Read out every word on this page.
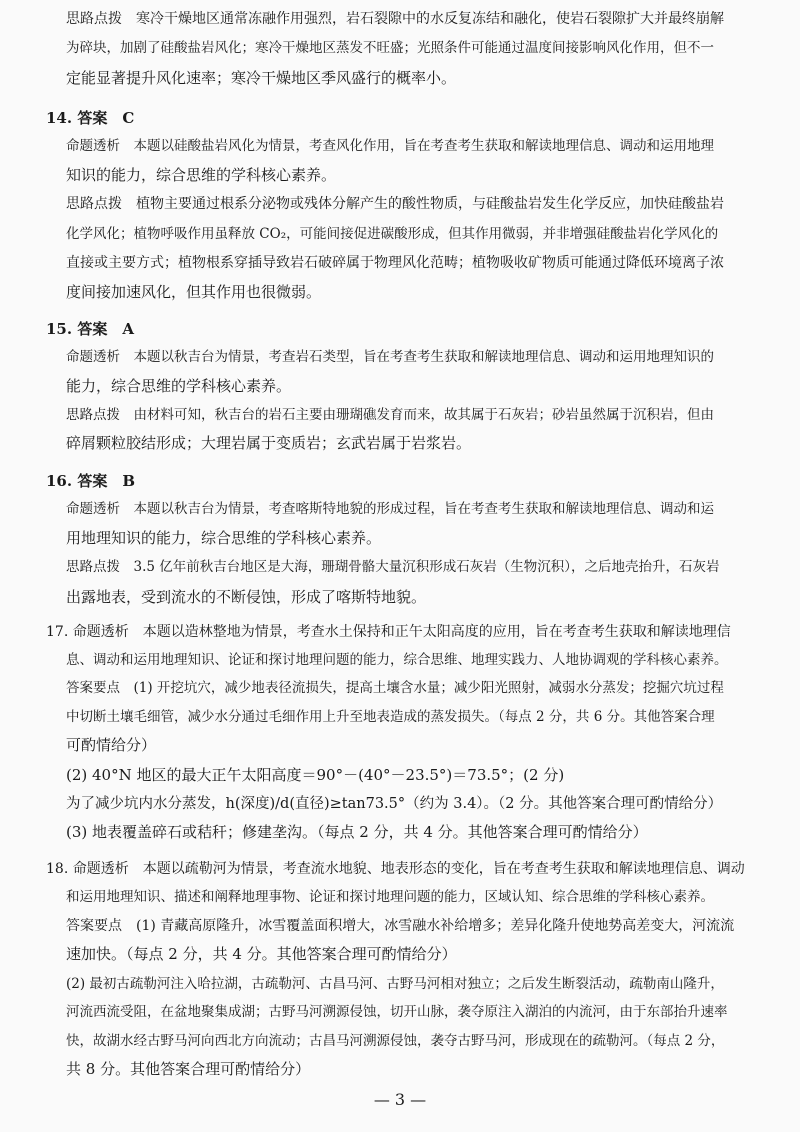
思路点拨　寒冷干燥地区通常冻融作用强烈，岩石裂隙中的水反复冻结和融化，使岩石裂隙扩大并最终崩解
为碎块，加剧了硅酸盐岩风化；寒冷干燥地区蒸发不旺盛；光照条件可能通过温度间接影响风化作用，但不一
定能显著提升风化速率；寒冷干燥地区季风盛行的概率小。
14. 答案　C
命题透析　本题以硅酸盐岩风化为情景，考查风化作用，旨在考查考生获取和解读地理信息、调动和运用地理
知识的能力，综合思维的学科核心素养。
思路点拨　植物主要通过根系分泌物或残体分解产生的酸性物质，与硅酸盐岩发生化学反应，加快硅酸盐岩
化学风化；植物呼吸作用虽释放 CO₂，可能间接促进碳酸形成，但其作用微弱，并非增强硅酸盐岩化学风化的
直接或主要方式；植物根系穿插导致岩石破碎属于物理风化范畴；植物吸收矿物质可能通过降低环境离子浓
度间接加速风化，但其作用也很微弱。
15. 答案　A
命题透析　本题以秋吉台为情景，考查岩石类型，旨在考查考生获取和解读地理信息、调动和运用地理知识的
能力，综合思维的学科核心素养。
思路点拨　由材料可知，秋吉台的岩石主要由珊瑚礁发育而来，故其属于石灰岩；砂岩虽然属于沉积岩，但由
碎屑颗粒胶结形成；大理岩属于变质岩；玄武岩属于岩浆岩。
16. 答案　B
命题透析　本题以秋吉台为情景，考查喀斯特地貌的形成过程，旨在考查考生获取和解读地理信息、调动和运
用地理知识的能力，综合思维的学科核心素养。
思路点拨　3.5 亿年前秋吉台地区是大海，珊瑚骨骼大量沉积形成石灰岩（生物沉积），之后地壳抬升，石灰岩
出露地表，受到流水的不断侵蚀，形成了喀斯特地貌。
17. 命题透析　本题以造林整地为情景，考查水土保持和正午太阳高度的应用，旨在考查考生获取和解读地理信
息、调动和运用地理知识、论证和探讨地理问题的能力，综合思维、地理实践力、人地协调观的学科核心素养。
答案要点　(1) 开挖坑穴，减少地表径流损失，提高土壤含水量；减少阳光照射，减弱水分蒸发；挖掘穴坑过程
中切断土壤毛细管，减少水分通过毛细作用上升至地表造成的蒸发损失。（每点 2 分，共 6 分。其他答案合理
可酌情给分）
(2) 40°N 地区的最大正午太阳高度＝90°－(40°－23.5°)＝73.5°；(2 分)
为了减少坑内水分蒸发，h(深度)/d(直径)≥tan73.5°（约为 3.4）。（2 分。其他答案合理可酌情给分）
(3) 地表覆盖碎石或秸秆；修建垄沟。（每点 2 分，共 4 分。其他答案合理可酌情给分）
18. 命题透析　本题以疏勒河为情景，考查流水地貌、地表形态的变化，旨在考查考生获取和解读地理信息、调动
和运用地理知识、描述和阐释地理事物、论证和探讨地理问题的能力，区域认知、综合思维的学科核心素养。
答案要点　(1) 青藏高原隆升，冰雪覆盖面积增大，冰雪融水补给增多；差异化隆升使地势高差变大，河流流
速加快。（每点 2 分，共 4 分。其他答案合理可酌情给分）
(2) 最初古疏勒河注入哈拉湖，古疏勒河、古昌马河、古野马河相对独立；之后发生断裂活动，疏勒南山隆升，
河流西流受阻，在盆地聚集成湖；古野马河溯源侵蚀，切开山脉，袭夺原注入湖泊的内流河，由于东部抬升速率
快，故湖水经古野马河向西北方向流动；古昌马河溯源侵蚀，袭夺古野马河，形成现在的疏勒河。（每点 2 分，
共 8 分。其他答案合理可酌情给分）
— 3 —
